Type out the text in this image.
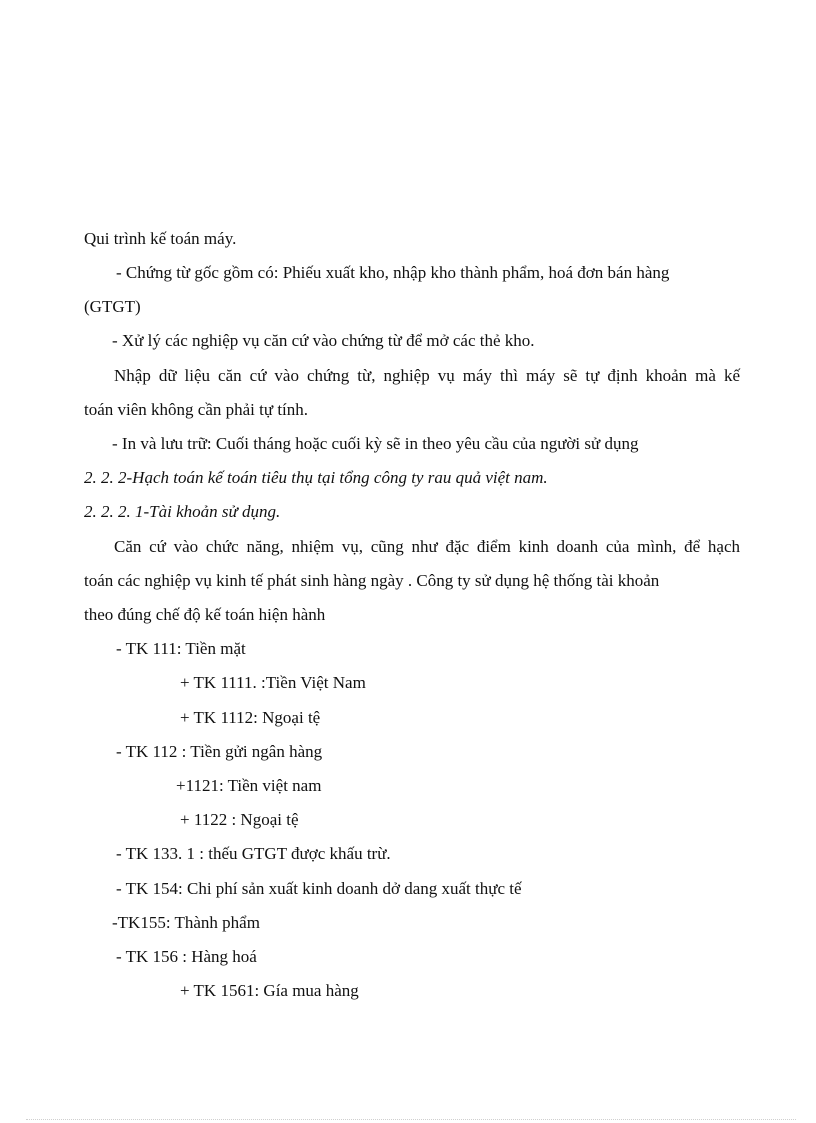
Qui trình kế toán máy.
- Chứng từ gốc gồm có: Phiếu xuất kho, nhập kho thành phẩm, hoá đơn bán hàng
(GTGT)
- Xử lý các nghiệp vụ căn cứ vào chứng từ để mở các thẻ kho.
Nhập dữ liệu căn cứ vào chứng từ, nghiệp vụ máy thì máy sẽ tự định khoản mà kế
toán viên không cần phải tự tính.
- In và lưu trữ: Cuối tháng hoặc cuối kỳ sẽ in theo yêu cầu của người sử dụng
2. 2. 2-Hạch toán kế toán tiêu thụ tại tổng công ty rau quả việt nam.
2. 2. 2. 1-Tài khoản sử dụng.
Căn cứ vào chức năng, nhiệm vụ, cũng như đặc điểm kinh doanh của mình, để hạch
toán các nghiệp vụ kinh tế phát sinh hàng ngày . Công ty sử dụng hệ thống tài khoản
theo đúng chế độ kế toán hiện hành
- TK 111: Tiền mặt
+ TK 1111. :Tiền Việt Nam
+ TK 1112: Ngoại tệ
- TK 112 : Tiền gửi ngân hàng
+1121: Tiền việt nam
+ 1122 : Ngoại tệ
- TK 133. 1 : thếu GTGT được khấu trừ.
- TK 154: Chi phí sản xuất kinh doanh dở dang xuất thực tế
-TK155: Thành phẩm
- TK 156 : Hàng hoá
+ TK 1561: Gía mua hàng
